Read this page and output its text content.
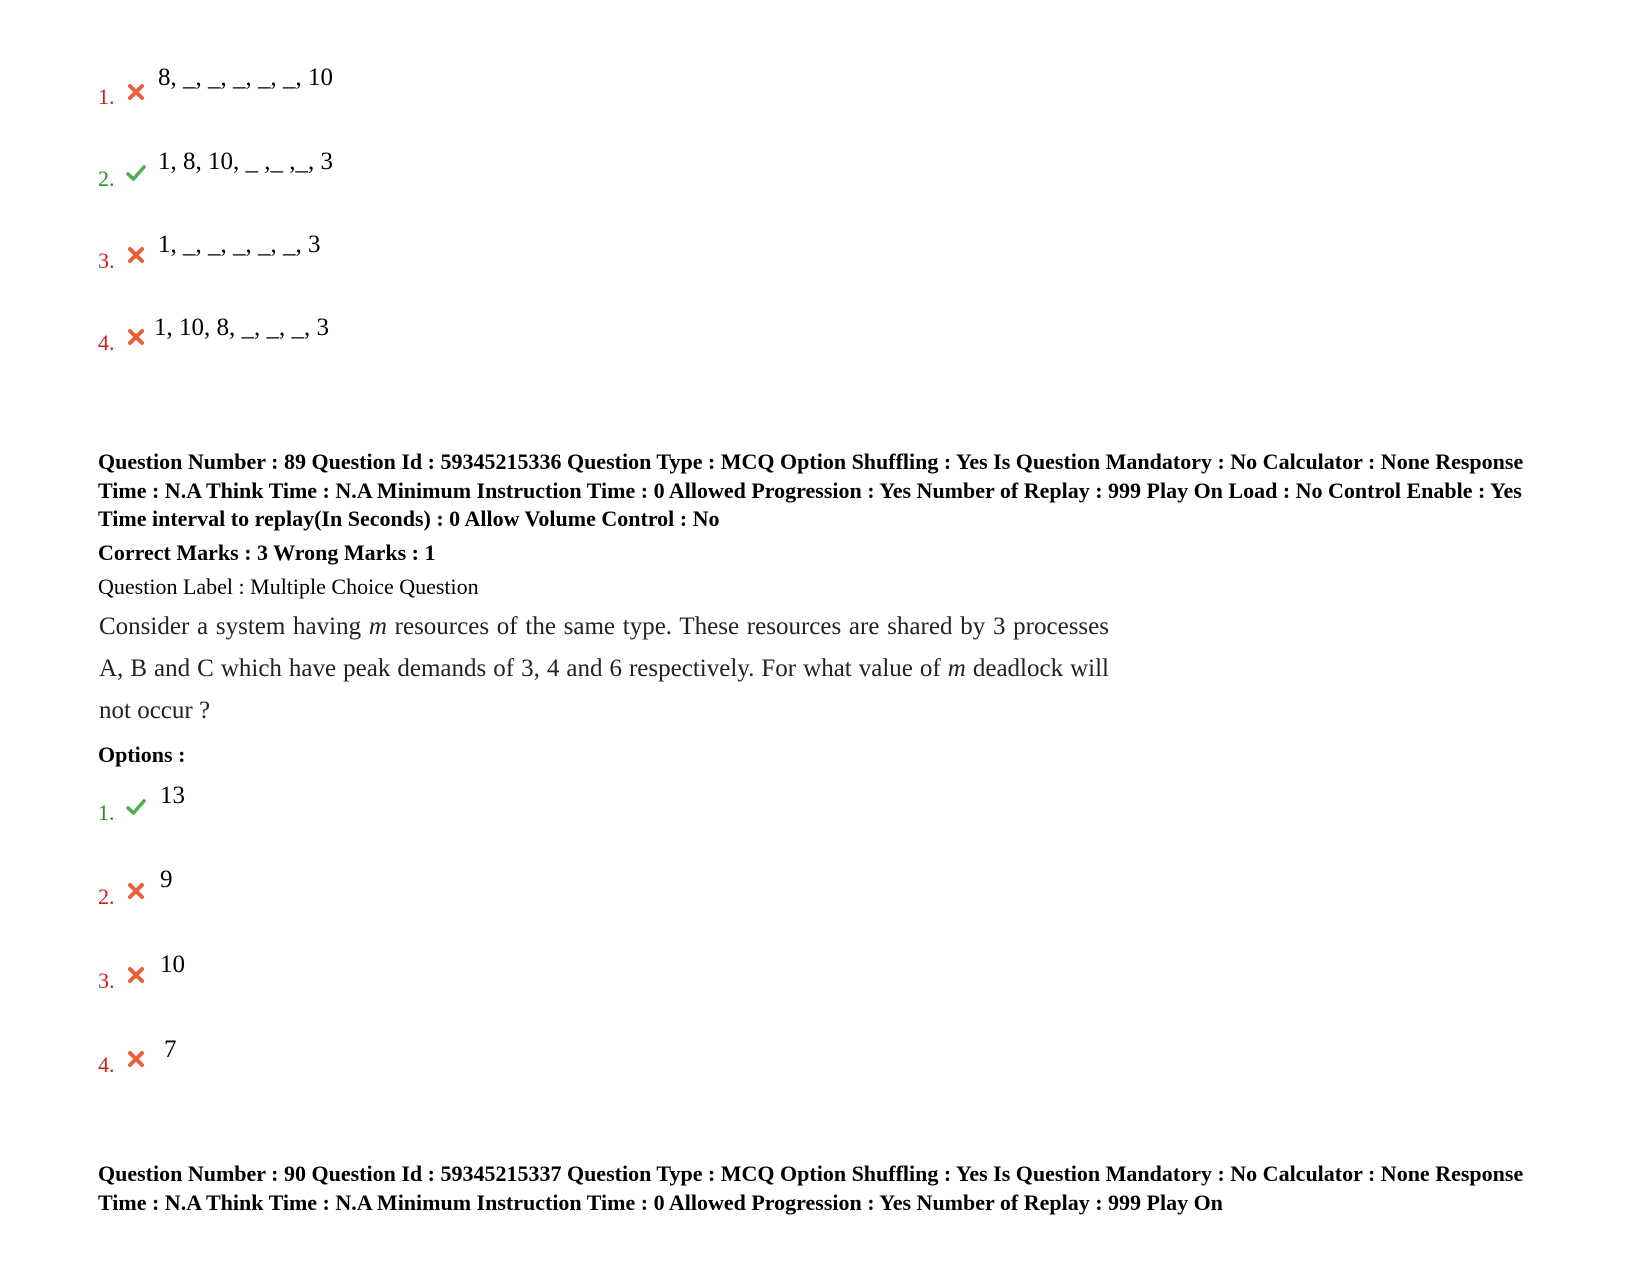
1.
8, _, _, _, _, _, 10
2.
1, 8, 10, _ ,_ ,_, 3
3.
1, _, _, _, _, _, 3
4.
1, 10, 8, _, _, _, 3
Question Number : 89 Question Id : 59345215336 Question Type : MCQ Option Shuffling : Yes Is Question Mandatory : No Calculator : None Response Time : N.A Think Time : N.A Minimum Instruction Time : 0 Allowed Progression : Yes Number of Replay : 999 Play On Load : No Control Enable : Yes Time interval to replay(In Seconds) : 0 Allow Volume Control : No
Correct Marks : 3 Wrong Marks : 1
Question Label : Multiple Choice Question
Consider a system having m resources of the same type. These resources are shared by 3 processes A, B and C which have peak demands of 3, 4 and 6 respectively. For what value of m deadlock will not occur ?
Options :
1.
13
2.
9
3.
10
4.
7
Question Number : 90 Question Id : 59345215337 Question Type : MCQ Option Shuffling : Yes Is Question Mandatory : No Calculator : None Response Time : N.A Think Time : N.A Minimum Instruction Time : 0 Allowed Progression : Yes Number of Replay : 999 Play On
